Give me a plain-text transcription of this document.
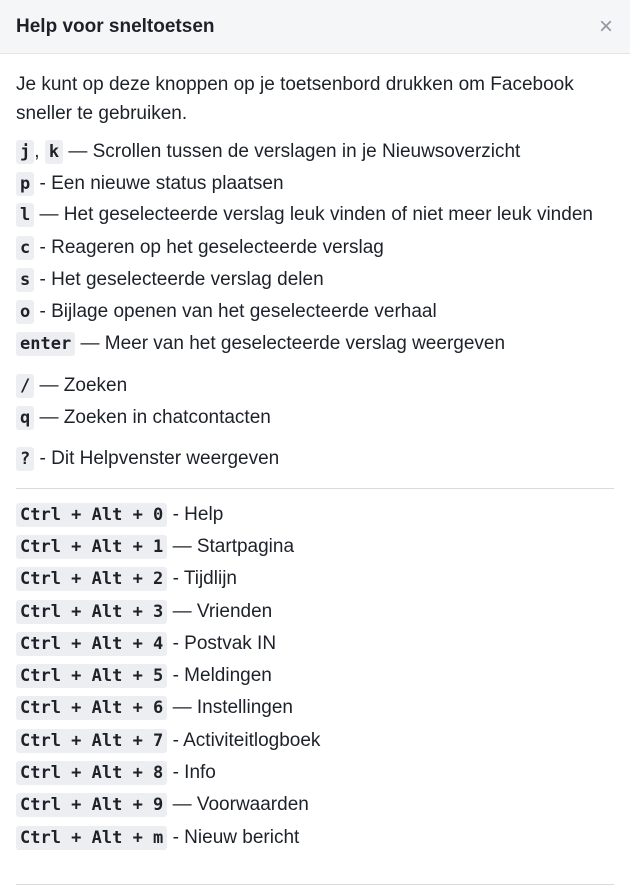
Help voor sneltoetsen	×

Je kunt op deze knoppen op je toetsenbord drukken om Facebook sneller te gebruiken.

j , k — Scrollen tussen de verslagen in je Nieuwsoverzicht
p - Een nieuwe status plaatsen
l — Het geselecteerde verslag leuk vinden of niet meer leuk vinden
c - Reageren op het geselecteerde verslag
s - Het geselecteerde verslag delen
o - Bijlage openen van het geselecteerde verhaal
enter — Meer van het geselecteerde verslag weergeven
/ — Zoeken
q — Zoeken in chatcontacten
? - Dit Helpvenster weergeven
Ctrl + Alt + 0 - Help
Ctrl + Alt + 1 — Startpagina
Ctrl + Alt + 2 - Tijdlijn
Ctrl + Alt + 3 — Vrienden
Ctrl + Alt + 4 - Postvak IN
Ctrl + Alt + 5 - Meldingen
Ctrl + Alt + 6 — Instellingen
Ctrl + Alt + 7 - Activiteitlogboek
Ctrl + Alt + 8 - Info
Ctrl + Alt + 9 — Voorwaarden
Ctrl + Alt + m - Nieuw bericht
